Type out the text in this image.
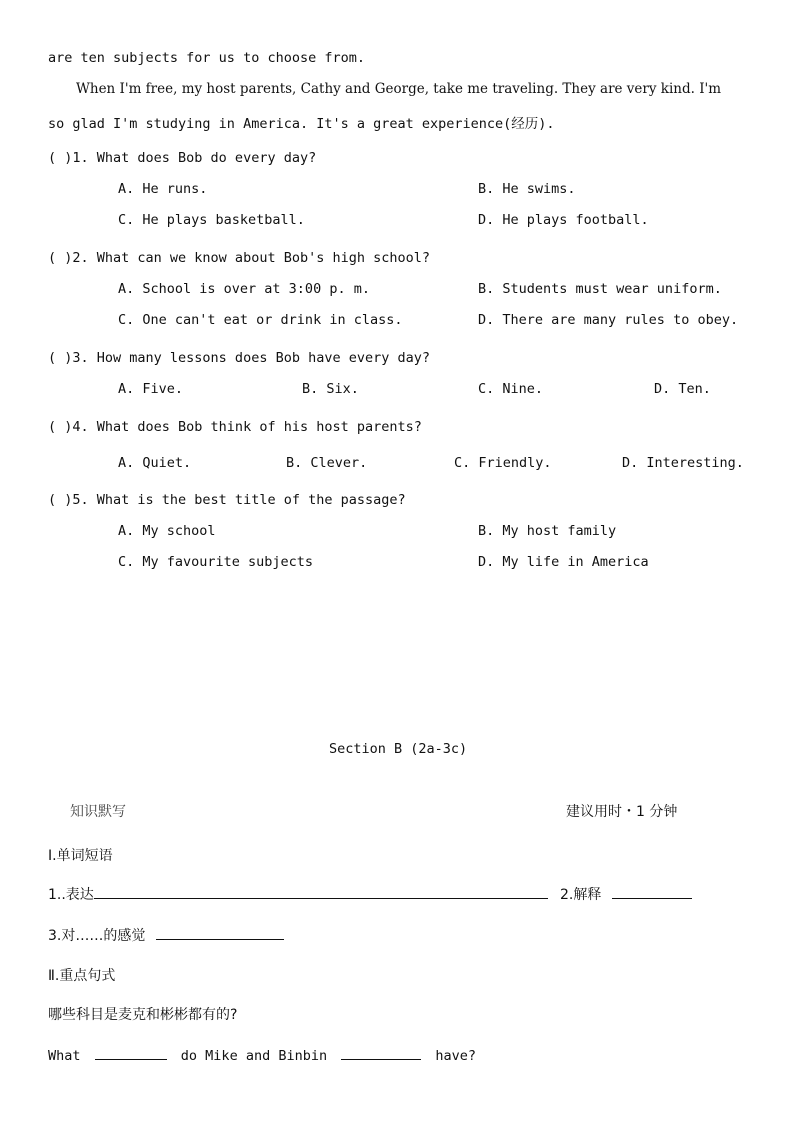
are ten subjects for us to choose from.
When I'm free, my host parents, Cathy and George, take me traveling. They are very kind. I'm
so glad I'm studying in America. It's a great experience(经历).
( )1. What does Bob do every day?
A. He runs.	B. He swims.
C. He plays basketball.	D. He plays football.
( )2. What can we know about Bob's high school?
A. School is over at 3:00 p. m.	B. Students must wear uniform.
C. One can't eat or drink in class.	D. There are many rules to obey.
( )3. How many lessons does Bob have every day?
A. Five.	B. Six.	C. Nine.	D. Ten.
( )4. What does Bob think of his host parents?
A. Quiet.	B. Clever.	C. Friendly.	D. Interesting.
( )5. What is the best title of the passage?
A. My school	B. My host family
C. My favourite subjects	D. My life in America
Section B (2a-3c)
知识默写	建议用时・1 分钟
Ⅰ.单词短语
1..表达	2.解释
3.对……的感觉
Ⅱ.重点句式
哪些科目是麦克和彬彬都有的?
What	do Mike and Binbin	have?
